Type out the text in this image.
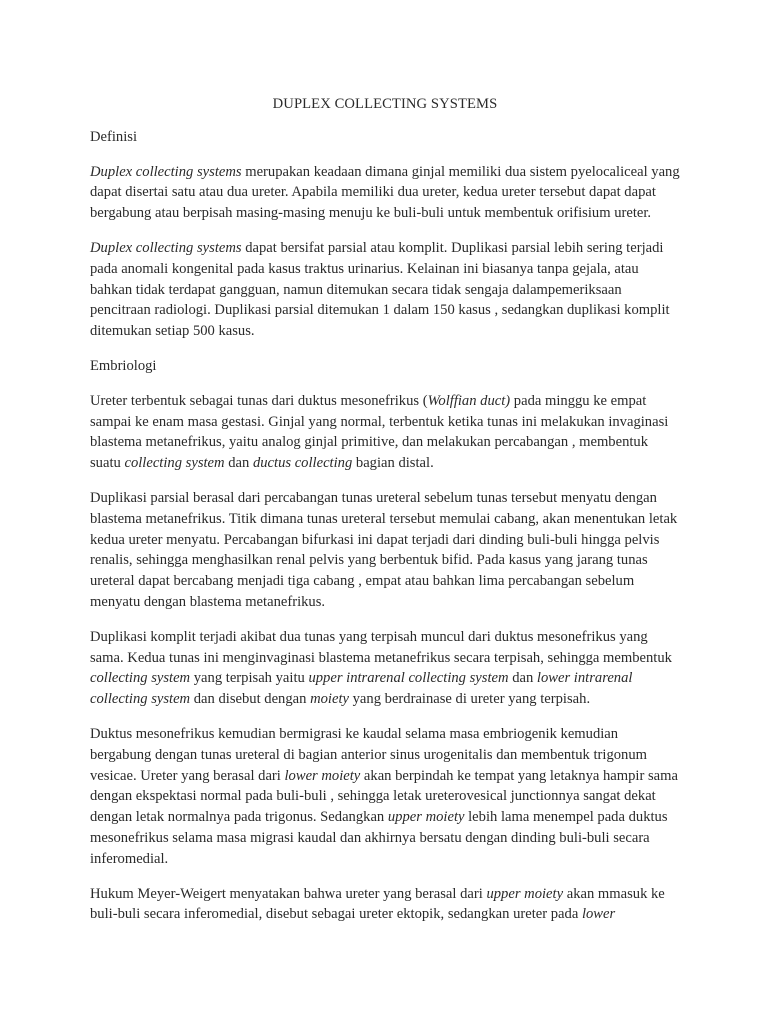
DUPLEX COLLECTING SYSTEMS
Definisi

Duplex collecting systems merupakan keadaan dimana ginjal memiliki dua sistem pyelocaliceal yang dapat disertai satu atau dua ureter. Apabila memiliki dua ureter, kedua ureter tersebut dapat dapat bergabung atau berpisah masing-masing menuju ke buli-buli untuk membentuk orifisium ureter.

Duplex collecting systems dapat bersifat parsial atau komplit. Duplikasi parsial lebih sering terjadi pada anomali kongenital pada kasus traktus urinarius. Kelainan ini biasanya tanpa gejala, atau bahkan tidak terdapat gangguan, namun ditemukan secara tidak sengaja dalampemeriksaan pencitraan radiologi. Duplikasi parsial ditemukan 1 dalam 150 kasus , sedangkan duplikasi komplit ditemukan setiap 500 kasus.

Embriologi

Ureter terbentuk sebagai tunas dari duktus mesonefrikus (Wolffian duct) pada minggu ke empat sampai ke enam masa gestasi. Ginjal yang normal, terbentuk ketika tunas ini melakukan invaginasi blastema metanefrikus, yaitu analog ginjal primitive, dan melakukan percabangan , membentuk suatu collecting system dan ductus collecting bagian distal.

Duplikasi parsial berasal dari percabangan tunas ureteral sebelum tunas tersebut menyatu dengan blastema metanefrikus. Titik dimana tunas ureteral tersebut memulai cabang, akan menentukan letak kedua ureter menyatu. Percabangan bifurkasi ini dapat terjadi dari dinding buli-buli hingga pelvis renalis, sehingga menghasilkan renal pelvis yang berbentuk bifid. Pada kasus yang jarang tunas ureteral dapat bercabang menjadi tiga cabang , empat atau bahkan lima percabangan sebelum menyatu dengan blastema metanefrikus.

Duplikasi komplit terjadi akibat dua tunas yang terpisah muncul dari duktus mesonefrikus yang sama. Kedua tunas ini menginvaginasi blastema metanefrikus secara terpisah, sehingga membentuk collecting system yang terpisah yaitu upper intrarenal collecting system dan lower intrarenal collecting system dan disebut dengan moiety yang berdrainase di ureter yang terpisah.

Duktus mesonefrikus kemudian bermigrasi ke kaudal selama masa embriogenik kemudian bergabung dengan tunas ureteral di bagian anterior sinus urogenitalis dan membentuk trigonum vesicae. Ureter yang berasal dari lower moiety akan berpindah ke tempat yang letaknya hampir sama dengan ekspektasi normal pada buli-buli , sehingga letak ureterovesical junctionnya sangat dekat dengan letak normalnya pada trigonus. Sedangkan upper moiety lebih lama menempel pada duktus mesonefrikus selama masa migrasi kaudal dan akhirnya bersatu dengan dinding buli-buli secara inferomedial.

Hukum Meyer-Weigert menyatakan bahwa ureter yang berasal dari upper moiety akan mmasuk ke buli-buli secara inferomedial, disebut sebagai ureter ektopik, sedangkan ureter pada lower
